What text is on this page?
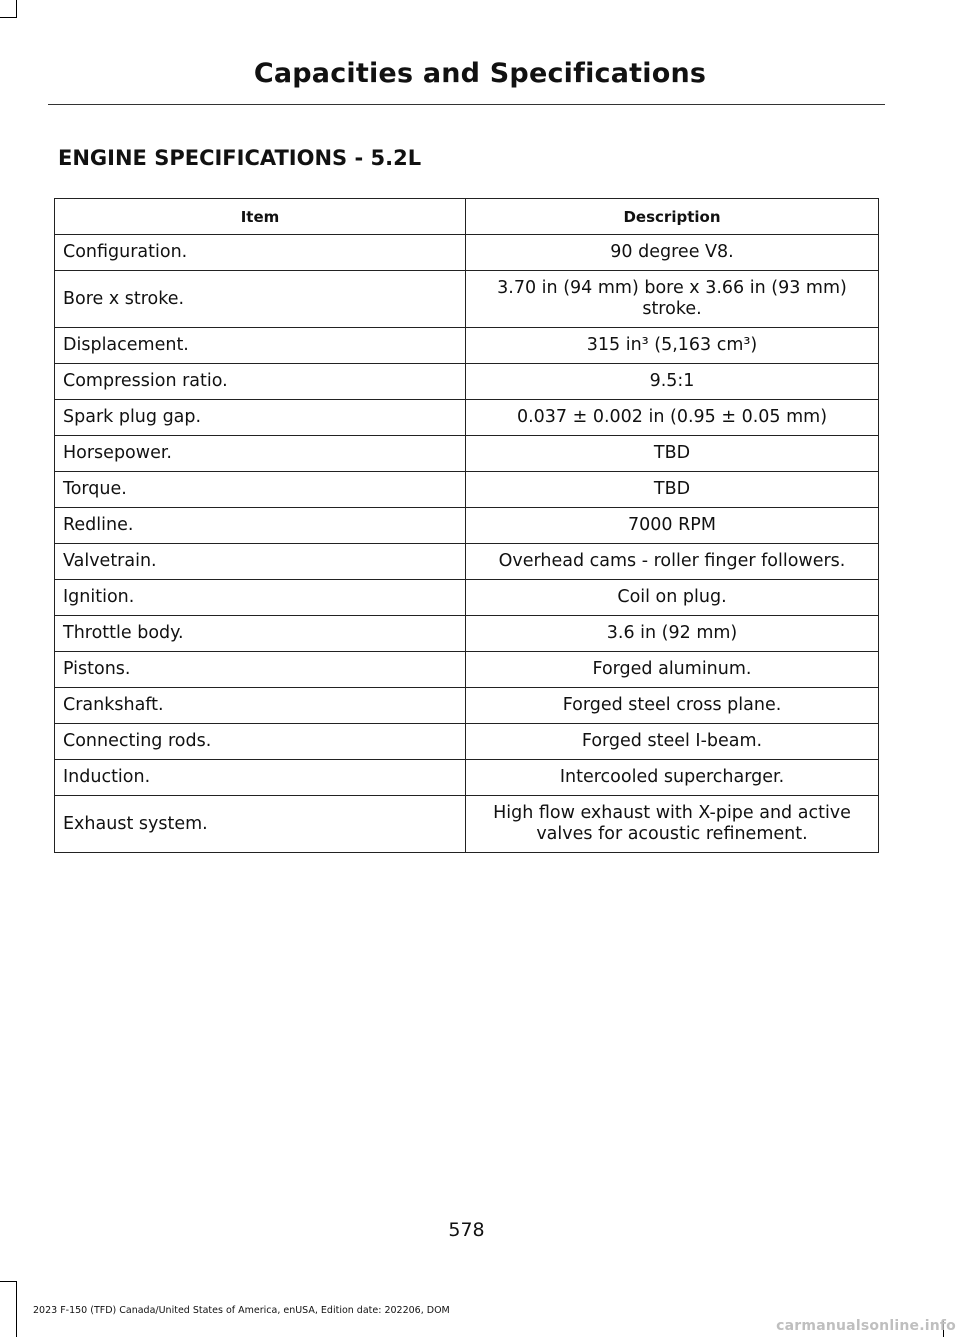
Capacities and Specifications
ENGINE SPECIFICATIONS - 5.2L
Item	Description
Configuration.	90 degree V8.
Bore x stroke.	3.70 in (94 mm) bore x 3.66 in (93 mm) stroke.
Displacement.	315 in³ (5,163 cm³)
Compression ratio.	9.5:1
Spark plug gap.	0.037 ± 0.002 in (0.95 ± 0.05 mm)
Horsepower.	TBD
Torque.	TBD
Redline.	7000 RPM
Valvetrain.	Overhead cams - roller finger followers.
Ignition.	Coil on plug.
Throttle body.	3.6 in (92 mm)
Pistons.	Forged aluminum.
Crankshaft.	Forged steel cross plane.
Connecting rods.	Forged steel I-beam.
Induction.	Intercooled supercharger.
Exhaust system.	High flow exhaust with X-pipe and active valves for acoustic refinement.
578
2023 F-150 (TFD) Canada/United States of America, enUSA, Edition date: 202206, DOM
carmanualsonline.info
